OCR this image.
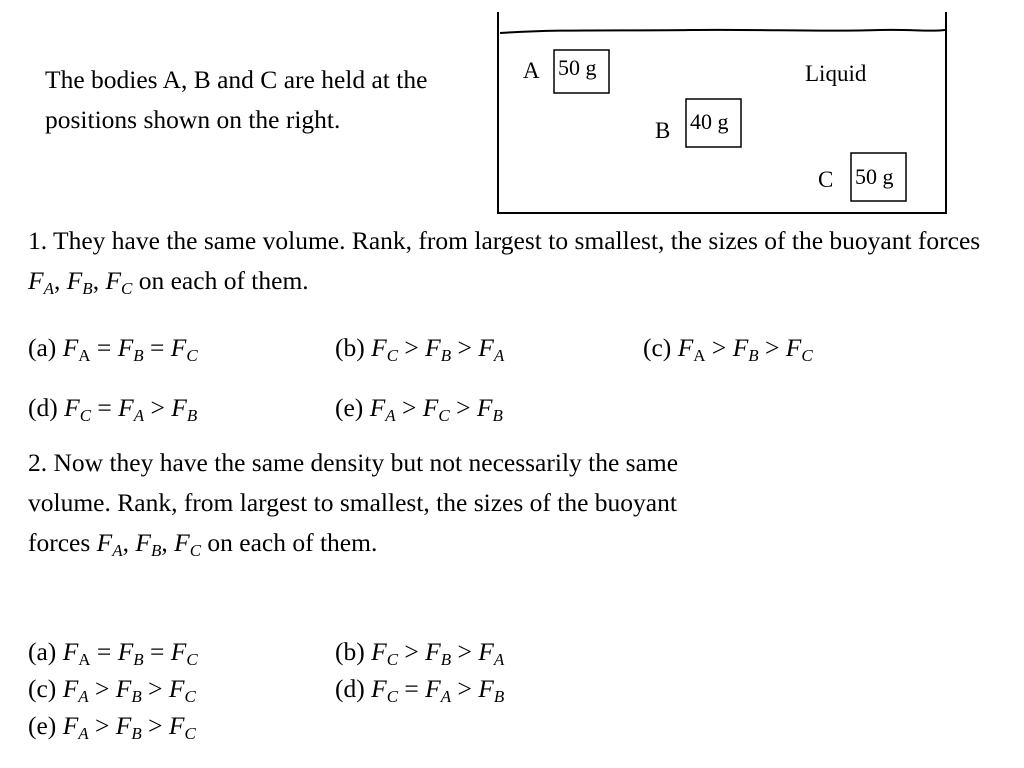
The bodies A, B and C are held at the positions shown on the right.

Liquid
A 50 g
B 40 g
C 50 g

1. They have the same volume. Rank, from largest to smallest, the sizes of the buoyant forces $F_A$, $F_B$, $F_C$ on each of them.

(a) $F_A = F_B = F_C$	(b) $F_C > F_B > F_A$	(c) $F_A > F_B > F_C$
(d) $F_C = F_A > F_B$	(e) $F_A > F_C > F_B$

2. Now they have the same density but not necessarily the same volume. Rank, from largest to smallest, the sizes of the buoyant forces $F_A$, $F_B$, $F_C$ on each of them.

(a) $F_A = F_B = F_C$	(b) $F_C > F_B > F_A$
(c) $F_A > F_B > F_C$	(d) $F_C = F_A > F_B$
(e) $F_A > F_B > F_C$
